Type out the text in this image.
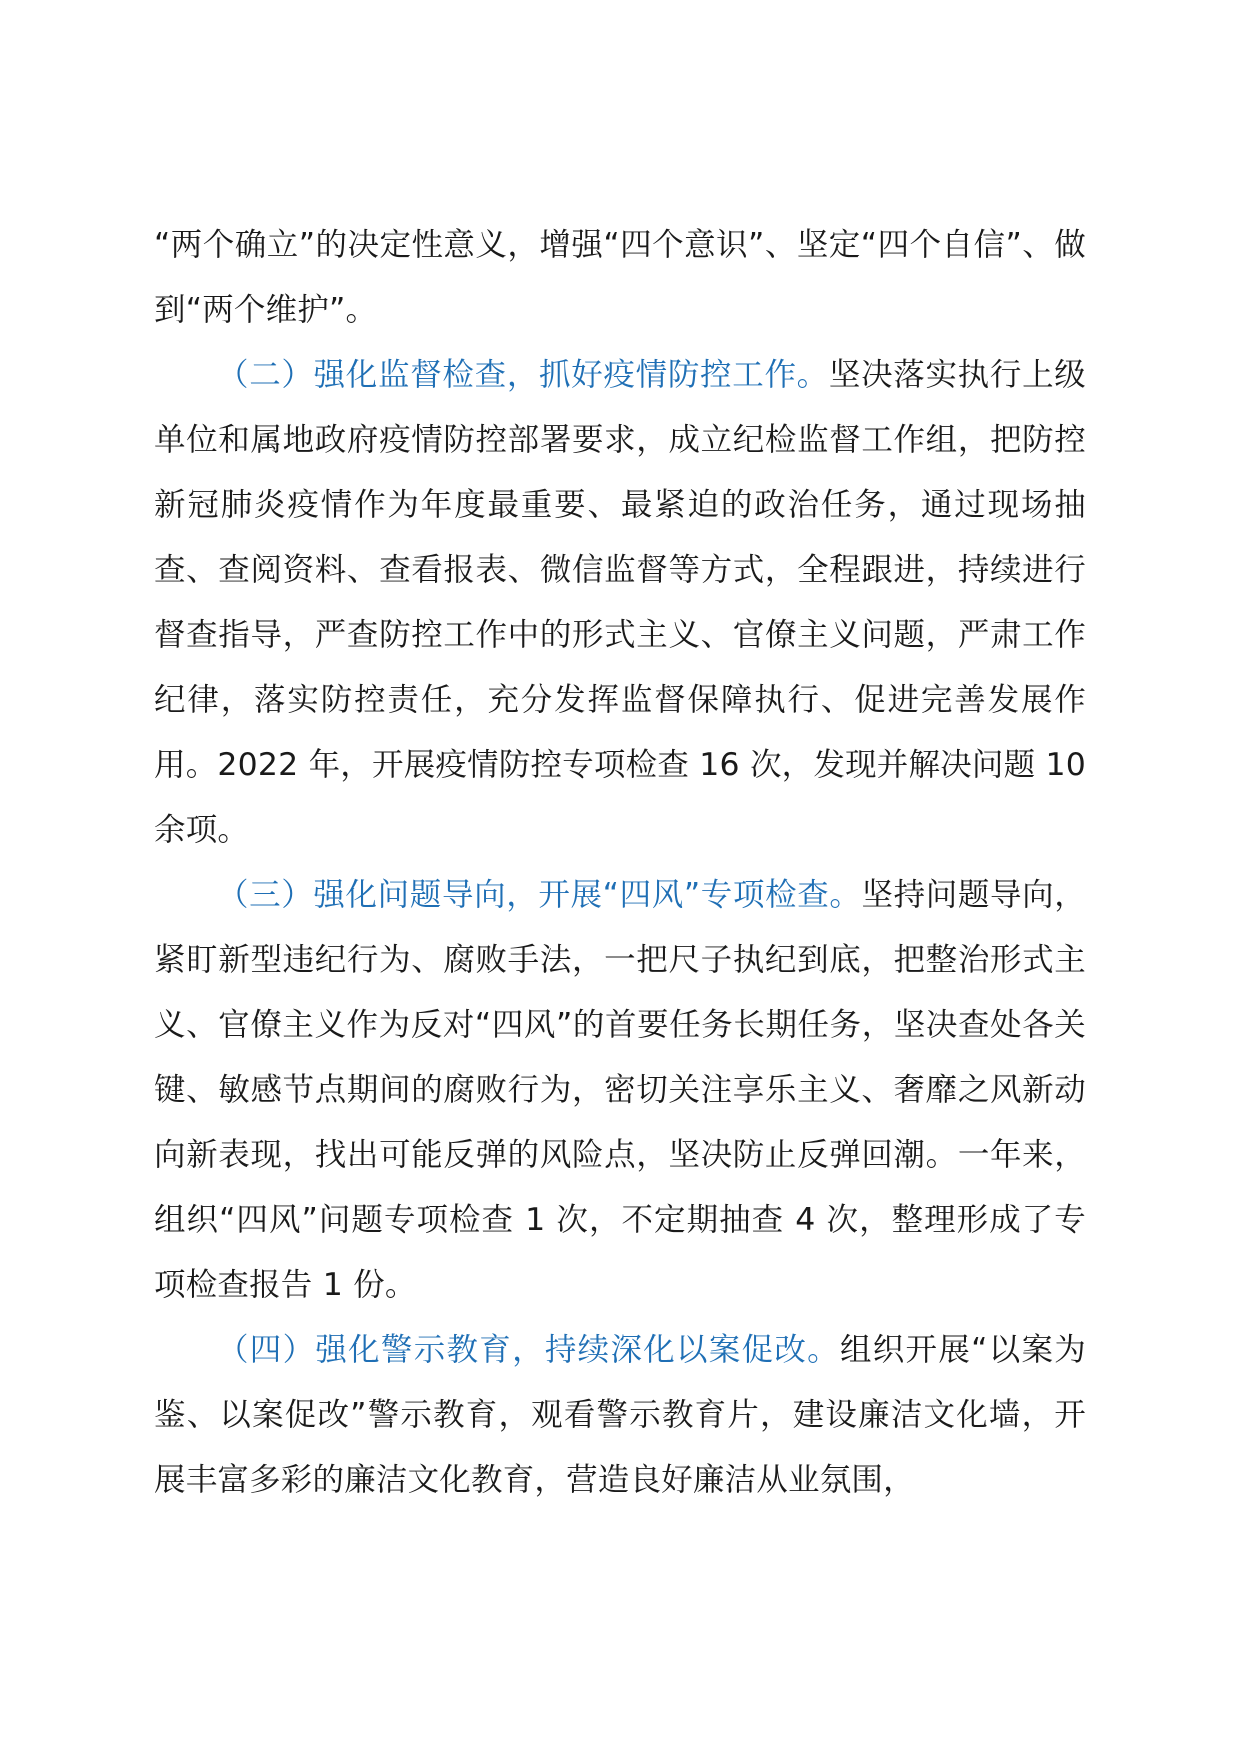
“两个确立”的决定性意义，增强“四个意识”、坚定“四个自信”、做到“两个维护”。

（二）强化监督检查，抓好疫情防控工作。坚决落实执行上级单位和属地政府疫情防控部署要求，成立纪检监督工作组，把防控新冠肺炎疫情作为年度最重要、最紧迫的政治任务，通过现场抽查、查阅资料、查看报表、微信监督等方式，全程跟进，持续进行督查指导，严查防控工作中的形式主义、官僚主义问题，严肃工作纪律，落实防控责任，充分发挥监督保障执行、促进完善发展作用。2022 年，开展疫情防控专项检查 16 次，发现并解决问题 10 余项。

（三）强化问题导向，开展“四风”专项检查。坚持问题导向，紧盯新型违纪行为、腐败手法，一把尺子执纪到底，把整治形式主义、官僚主义作为反对“四风”的首要任务长期任务，坚决查处各关键、敏感节点期间的腐败行为，密切关注享乐主义、奢靡之风新动向新表现，找出可能反弹的风险点，坚决防止反弹回潮。一年来，组织“四风”问题专项检查 1 次，不定期抽查 4 次，整理形成了专项检查报告 1 份。

（四）强化警示教育，持续深化以案促改。组织开展“以案为鉴、以案促改”警示教育，观看警示教育片，建设廉洁文化墙，开展丰富多彩的廉洁文化教育，营造良好廉洁从业氛围，
